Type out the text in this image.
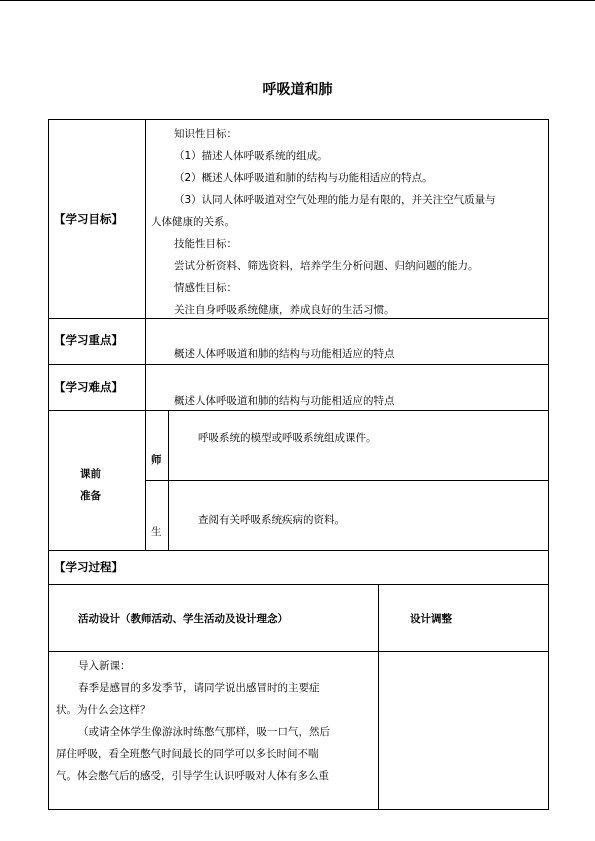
呼吸道和肺
【学习目标】
知识性目标：
（1）描述人体呼吸系统的组成。
（2）概述人体呼吸道和肺的结构与功能相适应的特点。
（3）认同人体呼吸道对空气处理的能力是有限的，并关注空气质量与
人体健康的关系。
技能性目标：
尝试分析资料、筛选资料，培养学生分析问题、归纳问题的能力。
情感性目标：
关注自身呼吸系统健康，养成良好的生活习惯。
【学习重点】
概述人体呼吸道和肺的结构与功能相适应的特点
【学习难点】
概述人体呼吸道和肺的结构与功能相适应的特点
课前
准备
师
呼吸系统的模型或呼吸系统组成课件。
生
查阅有关呼吸系统疾病的资料。
【学习过程】
活动设计（教师活动、学生活动及设计理念）	设计调整
导入新课：
春季是感冒的多发季节，请同学说出感冒时的主要症
状。为什么会这样？
（或请全体学生像游泳时练憋气那样，吸一口气，然后
屏住呼吸，看全班憋气时间最长的同学可以多长时间不喘
气。体会憋气后的感受，引导学生认识呼吸对人体有多么重
